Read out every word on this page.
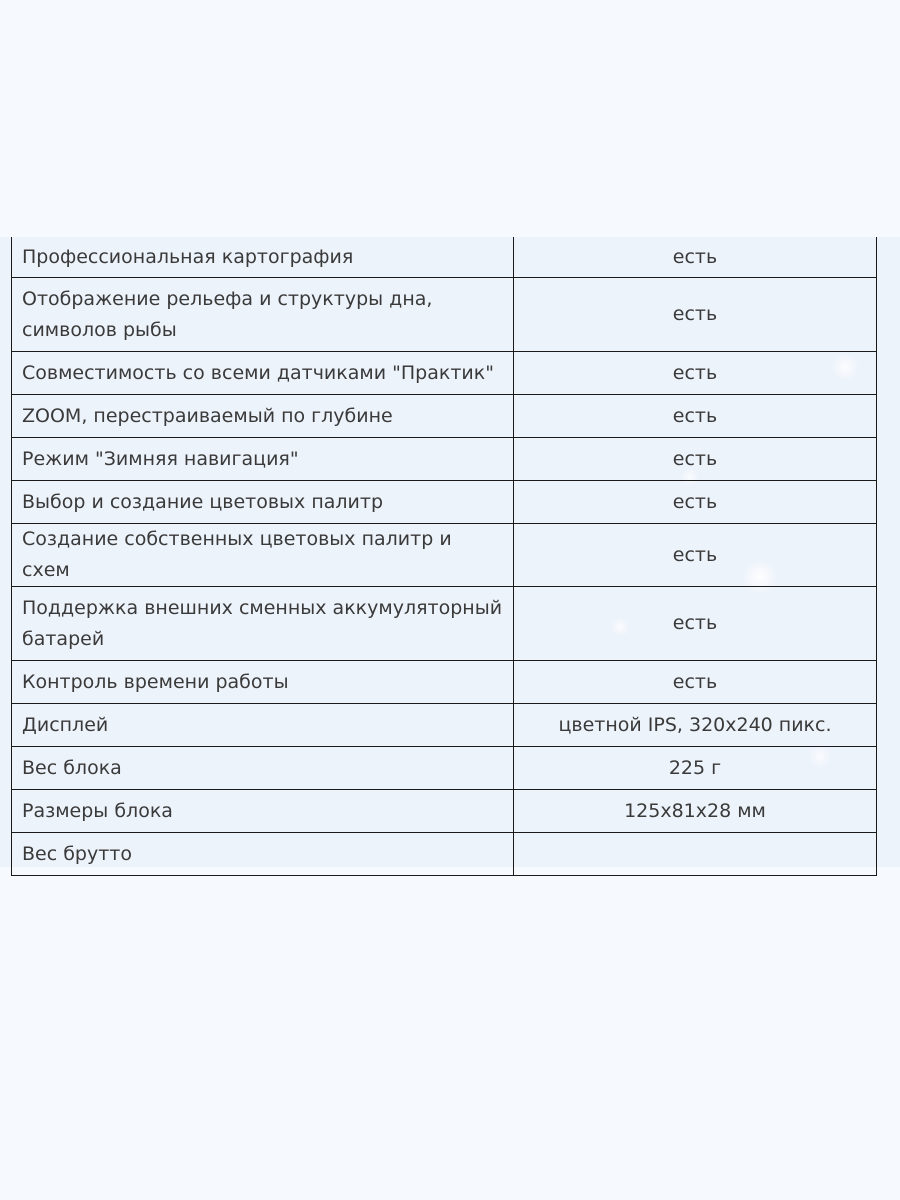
Профессиональная картография	есть
Отображение рельефа и структуры дна, символов рыбы	есть
Совместимость со всеми датчиками "Практик"	есть
ZOOM, перестраиваемый по глубине	есть
Режим "Зимняя навигация"	есть
Выбор и создание цветовых палитр	есть
Создание собственных цветовых палитр и схем	есть
Поддержка внешних сменных аккумуляторный батарей	есть
Контроль времени работы	есть
Дисплей	цветной IPS, 320x240 пикс.
Вес блока	225 г
Размеры блока	125x81x28 мм
Вес брутто	
